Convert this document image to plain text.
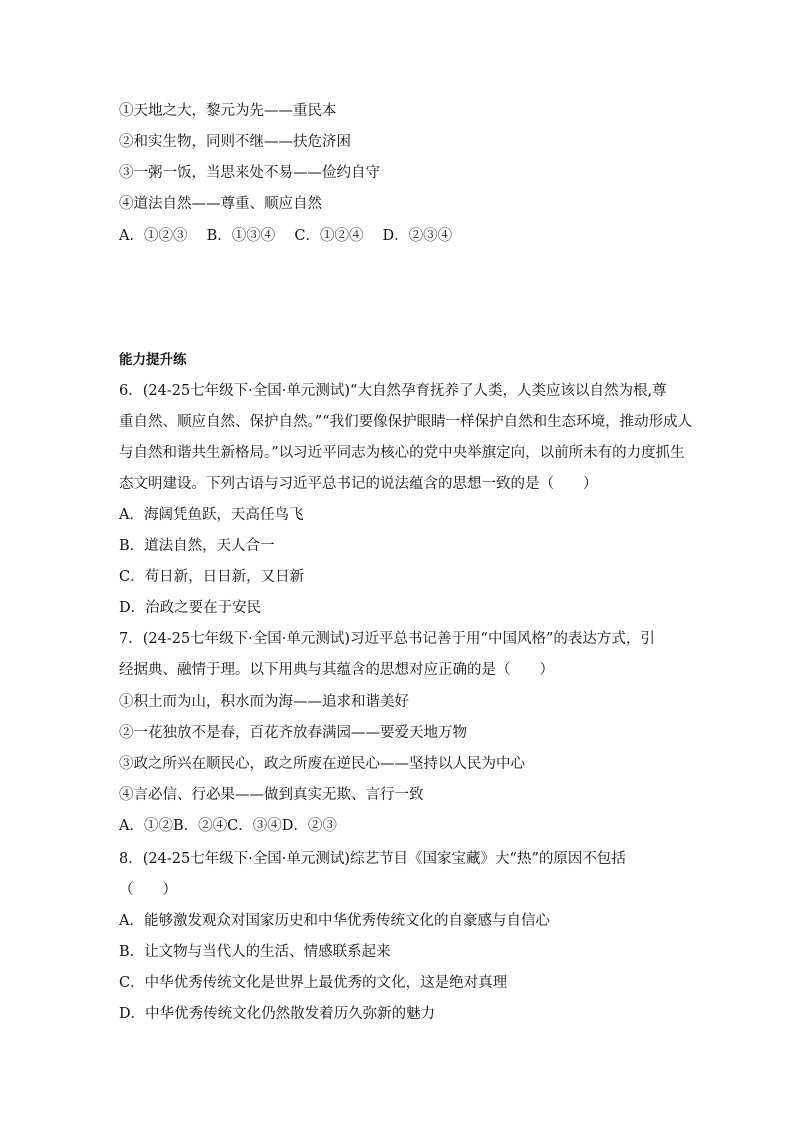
①天地之大，黎元为先——重民本
②和实生物，同则不继——扶危济困
③一粥一饭，当思来处不易——俭约自守
④道法自然——尊重、顺应自然
A．①②③　 B．①③④　 C．①②④　 D．②③④
能力提升练
6．(24-25七年级下·全国·单元测试)“大自然孕育抚养了人类，人类应该以自然为根,尊
重自然、顺应自然、保护自然。”“我们要像保护眼睛一样保护自然和生态环境，推动形成人
与自然和谐共生新格局。”以习近平同志为核心的党中央举旗定向，以前所未有的力度抓生
态文明建设。下列古语与习近平总书记的说法蕴含的思想一致的是（　　）
A．海阔凭鱼跃，天高任鸟飞
B．道法自然，天人合一
C．苟日新，日日新，又日新
D．治政之要在于安民
7．(24-25七年级下·全国·单元测试)习近平总书记善于用“中国风格”的表达方式，引
经据典、融情于理。以下用典与其蕴含的思想对应正确的是（　　）
①积土而为山，积水而为海——追求和谐美好
②一花独放不是春，百花齐放春满园——要爱天地万物
③政之所兴在顺民心，政之所废在逆民心——坚持以人民为中心
④言必信、行必果——做到真实无欺、言行一致
A．①②B．②④C．③④D．②③
8．(24-25七年级下·全国·单元测试)综艺节目《国家宝藏》大“热”的原因不包括
（　　）
A．能够激发观众对国家历史和中华优秀传统文化的自豪感与自信心
B．让文物与当代人的生活、情感联系起来
C．中华优秀传统文化是世界上最优秀的文化，这是绝对真理
D．中华优秀传统文化仍然散发着历久弥新的魅力
